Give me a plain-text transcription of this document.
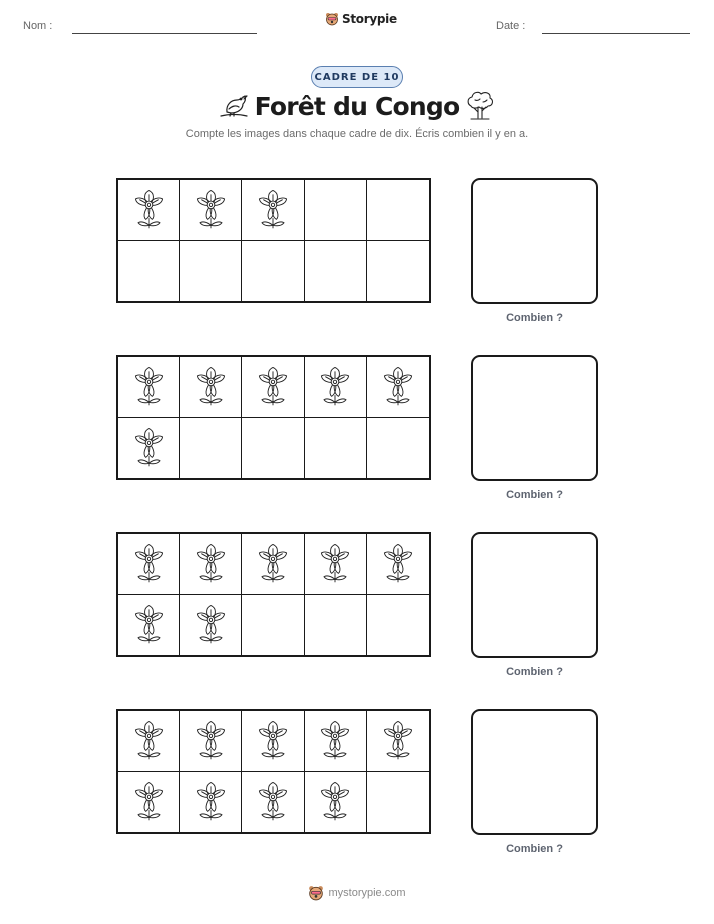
Nom :	Storypie	Date :
CADRE DE 10
Forêt du Congo
Compte les images dans chaque cadre de dix. Écris combien il y en a.
Combien ?
Combien ?
Combien ?
Combien ?
mystorypie.com
